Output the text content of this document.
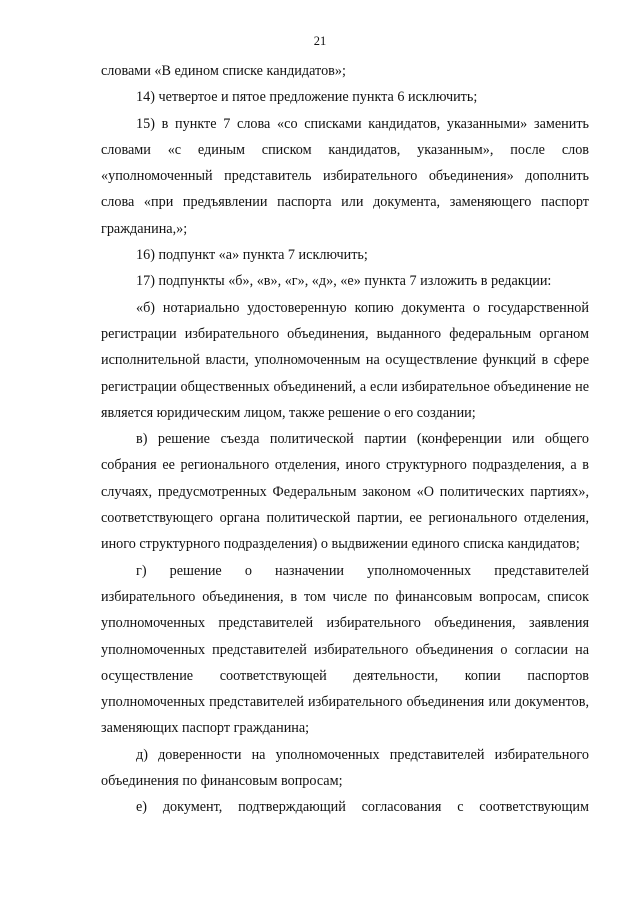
21

словами «В едином списке кандидатов»;

14) четвертое и пятое предложение пункта 6 исключить;

15) в пункте 7 слова «со списками кандидатов, указанными» заменить словами «с единым списком кандидатов, указанным», после слов «уполномоченный представитель избирательного объединения» дополнить слова «при предъявлении паспорта или документа, заменяющего паспорт гражданина,»;

16) подпункт «а» пункта 7 исключить;

17) подпункты «б», «в», «г», «д», «е» пункта 7 изложить в редакции:

«б) нотариально удостоверенную копию документа о государственной регистрации избирательного объединения, выданного федеральным органом исполнительной власти, уполномоченным на осуществление функций в сфере регистрации общественных объединений, а если избирательное объединение не является юридическим лицом, также решение о его создании;

в) решение съезда политической партии (конференции или общего собрания ее регионального отделения, иного структурного подразделения, а в случаях, предусмотренных Федеральным законом «О политических партиях», соответствующего органа политической партии, ее регионального отделения, иного структурного подразделения) о выдвижении единого списка кандидатов;

г) решение о назначении уполномоченных представителей избирательного объединения, в том числе по финансовым вопросам, список уполномоченных представителей избирательного объединения, заявления уполномоченных представителей избирательного объединения о согласии на осуществление соответствующей деятельности, копии паспортов уполномоченных представителей избирательного объединения или документов, заменяющих паспорт гражданина;

д) доверенности на уполномоченных представителей избирательного объединения по финансовым вопросам;

е) документ, подтверждающий согласования с соответствующим
